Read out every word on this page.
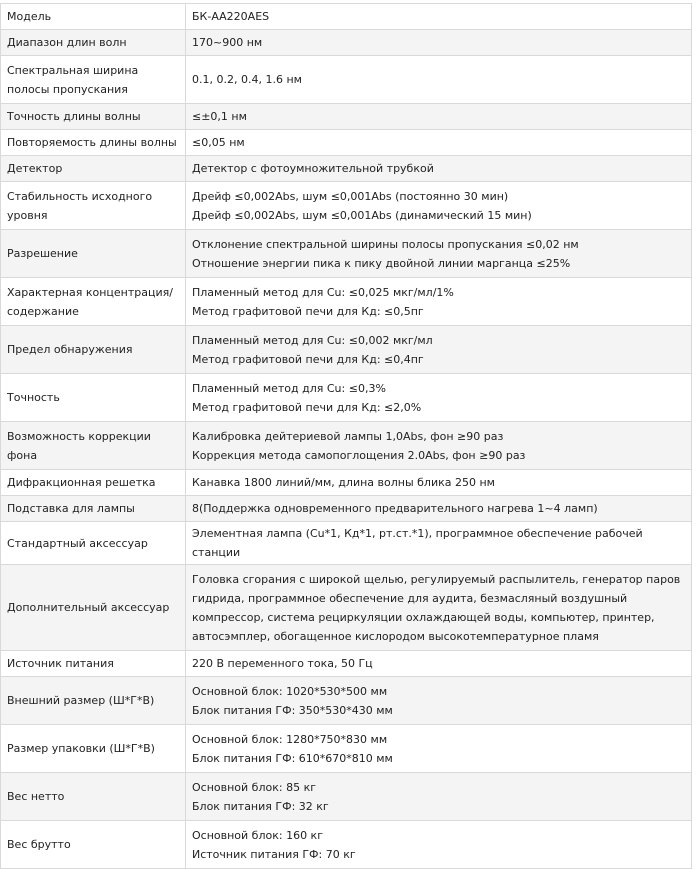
Модель	БК-AA220AES

Диапазон длин волн	170~900 нм

Спектральная ширина полосы пропускания	0.1, 0.2, 0.4, 1.6 нм

Точность длины волны	≤±0,1 нм

Повторяемость длины волны	≤0,05 нм

Детектор	Детектор с фотоумножительной трубкой

Стабильность исходного уровня	Дрейф ≤0,002Abs, шум ≤0,001Abs (постоянно 30 мин)
Дрейф ≤0,002Abs, шум ≤0,001Abs (динамический 15 мин)

Разрешение	Отклонение спектральной ширины полосы пропускания ≤0,02 нм
Отношение энергии пика к пику двойной линии марганца ≤25%

Характерная концентрация/содержание	Пламенный метод для Cu: ≤0,025 мкг/мл/1%
Метод графитовой печи для Кд: ≤0,5пг

Предел обнаружения	Пламенный метод для Cu: ≤0,002 мкг/мл
Метод графитовой печи для Кд: ≤0,4пг

Точность	Пламенный метод для Cu: ≤0,3%
Метод графитовой печи для Кд: ≤2,0%

Возможность коррекции фона	Калибровка дейтериевой лампы 1,0Abs, фон ≥90 раз
Коррекция метода самопоглощения 2.0Abs, фон ≥90 раз

Дифракционная решетка	Канавка 1800 линий/мм, длина волны блика 250 нм

Подставка для лампы	8(Поддержка одновременного предварительного нагрева 1~4 ламп)

Стандартный аксессуар	Элементная лампа (Cu*1, Кд*1, рт.ст.*1), программное обеспечение рабочей станции

Дополнительный аксессуар	Головка сгорания с широкой щелью, регулируемый распылитель, генератор паров гидрида, программное обеспечение для аудита, безмасляный воздушный компрессор, система рециркуляции охлаждающей воды, компьютер, принтер, автосэмплер, обогащенное кислородом высокотемпературное пламя

Источник питания	220 В переменного тока, 50 Гц

Внешний размер (Ш*Г*В)	Основной блок: 1020*530*500 мм
Блок питания ГФ: 350*530*430 мм

Размер упаковки (Ш*Г*В)	Основной блок: 1280*750*830 мм
Блок питания ГФ: 610*670*810 мм

Вес нетто	Основной блок: 85 кг
Блок питания ГФ: 32 кг

Вес брутто	Основной блок: 160 кг
Источник питания ГФ: 70 кг
